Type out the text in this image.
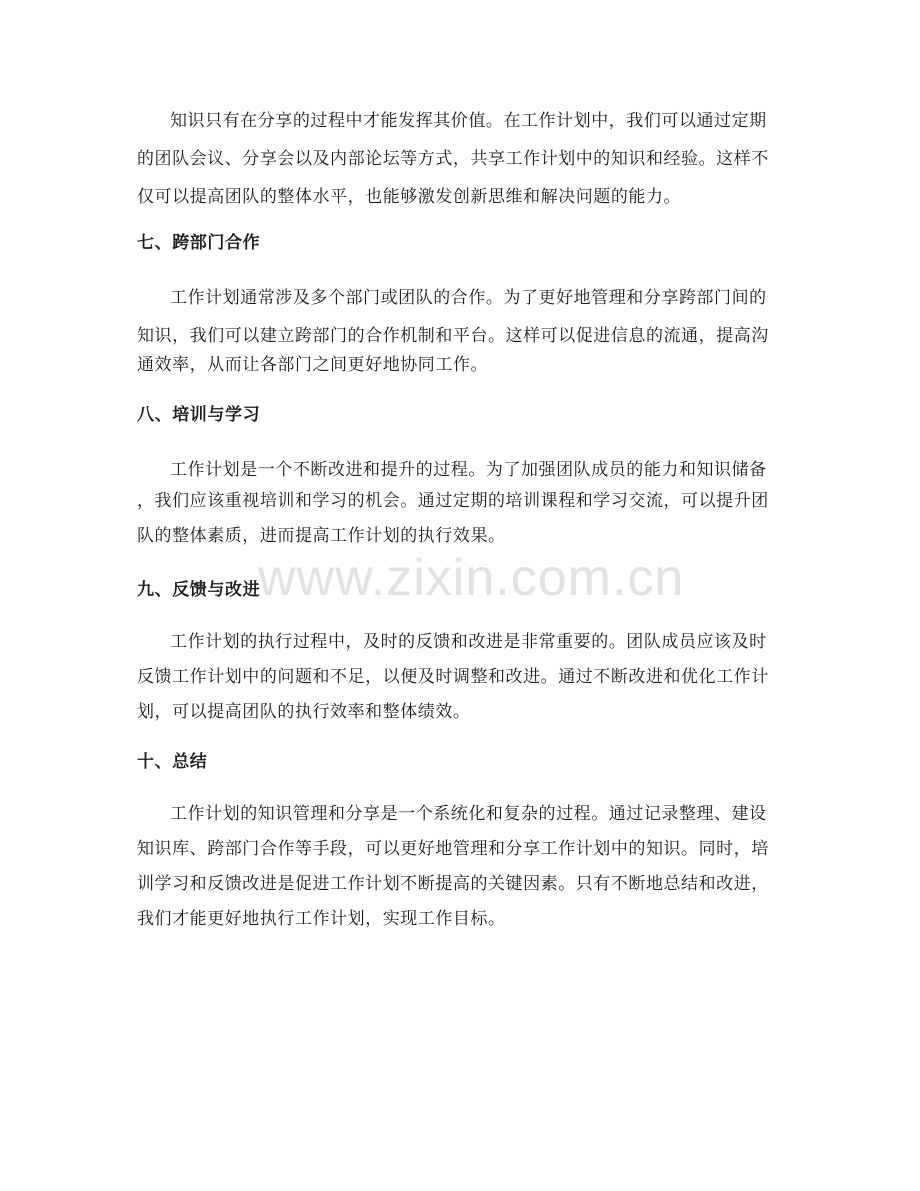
知识只有在分享的过程中才能发挥其价值。在工作计划中，我们可以通过定期
的团队会议、分享会以及内部论坛等方式，共享工作计划中的知识和经验。这样不
仅可以提高团队的整体水平，也能够激发创新思维和解决问题的能力。
七、跨部门合作
工作计划通常涉及多个部门或团队的合作。为了更好地管理和分享跨部门间的
知识，我们可以建立跨部门的合作机制和平台。这样可以促进信息的流通，提高沟
通效率，从而让各部门之间更好地协同工作。
八、培训与学习
工作计划是一个不断改进和提升的过程。为了加强团队成员的能力和知识储备
，我们应该重视培训和学习的机会。通过定期的培训课程和学习交流，可以提升团
队的整体素质，进而提高工作计划的执行效果。
www.zixin.com.cn
九、反馈与改进
工作计划的执行过程中，及时的反馈和改进是非常重要的。团队成员应该及时
反馈工作计划中的问题和不足，以便及时调整和改进。通过不断改进和优化工作计
划，可以提高团队的执行效率和整体绩效。
十、总结
工作计划的知识管理和分享是一个系统化和复杂的过程。通过记录整理、建设
知识库、跨部门合作等手段，可以更好地管理和分享工作计划中的知识。同时，培
训学习和反馈改进是促进工作计划不断提高的关键因素。只有不断地总结和改进，
我们才能更好地执行工作计划，实现工作目标。
